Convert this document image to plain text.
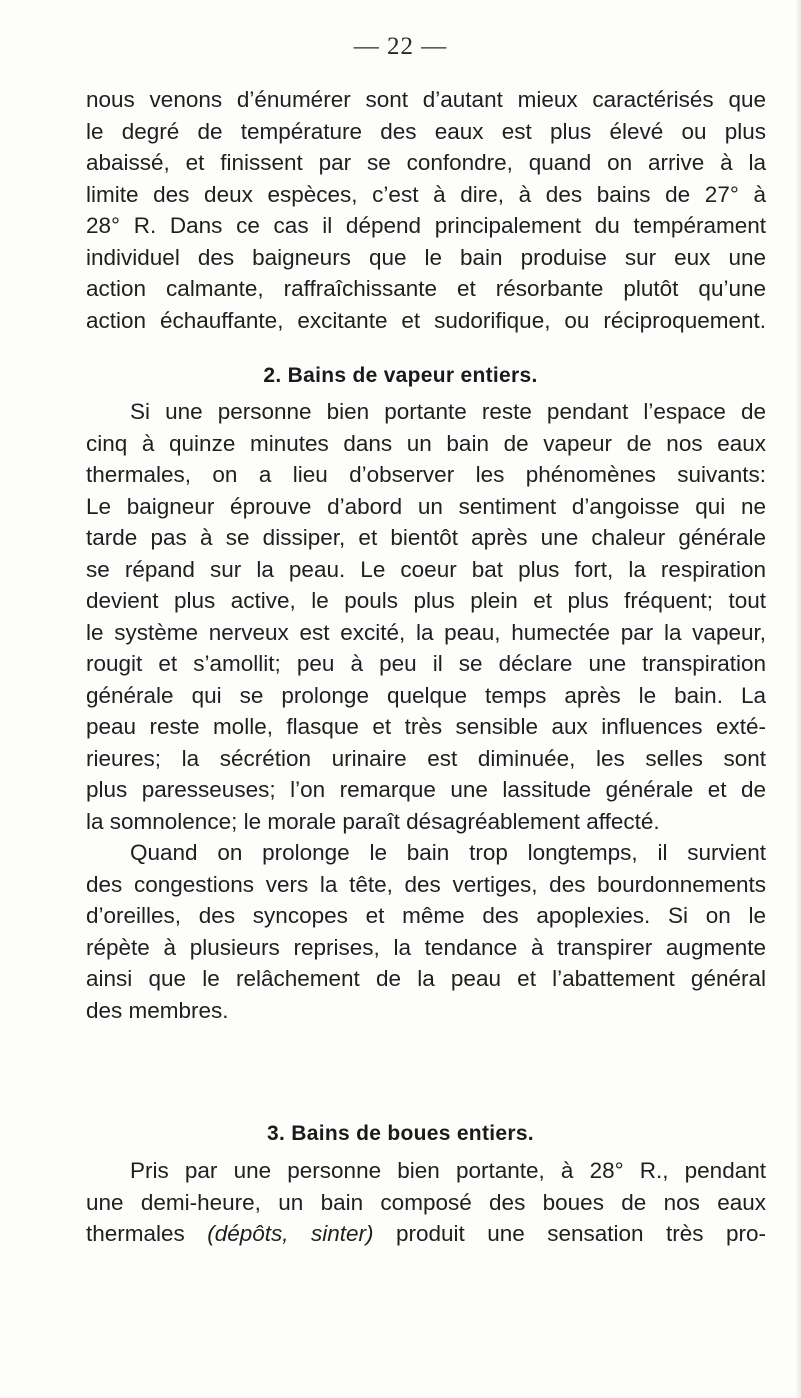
— 22 —
nous venons d’énumérer sont d’autant mieux caractérisés que
le degré de température des eaux est plus élevé ou plus
abaissé, et finissent par se confondre, quand on arrive à la
limite des deux espèces, c’est à dire, à des bains de 27° à
28° R. Dans ce cas il dépend principalement du tempérament
individuel des baigneurs que le bain produise sur eux une
action calmante, raffraîchissante et résorbante plutôt qu’une
action échauffante, excitante et sudorifique, ou réciproquement.
2. Bains de vapeur entiers.
Si une personne bien portante reste pendant l’espace de
cinq à quinze minutes dans un bain de vapeur de nos eaux
thermales, on a lieu d’observer les phénomènes suivants:
Le baigneur éprouve d’abord un sentiment d’angoisse qui ne
tarde pas à se dissiper, et bientôt après une chaleur générale
se répand sur la peau. Le coeur bat plus fort, la respiration
devient plus active, le pouls plus plein et plus fréquent; tout
le système nerveux est excité, la peau, humectée par la vapeur,
rougit et s’amollit; peu à peu il se déclare une transpiration
générale qui se prolonge quelque temps après le bain. La
peau reste molle, flasque et très sensible aux influences exté-
rieures; la sécrétion urinaire est diminuée, les selles sont
plus paresseuses; l’on remarque une lassitude générale et de
la somnolence; le morale paraît désagréablement affecté.
Quand on prolonge le bain trop longtemps, il survient
des congestions vers la tête, des vertiges, des bourdonnements
d’oreilles, des syncopes et même des apoplexies. Si on le
répète à plusieurs reprises, la tendance à transpirer augmente
ainsi que le relâchement de la peau et l’abattement général
des membres.
3. Bains de boues entiers.
Pris par une personne bien portante, à 28° R., pendant
une demi-heure, un bain composé des boues de nos eaux
thermales (dépôts, sinter) produit une sensation très pro-
